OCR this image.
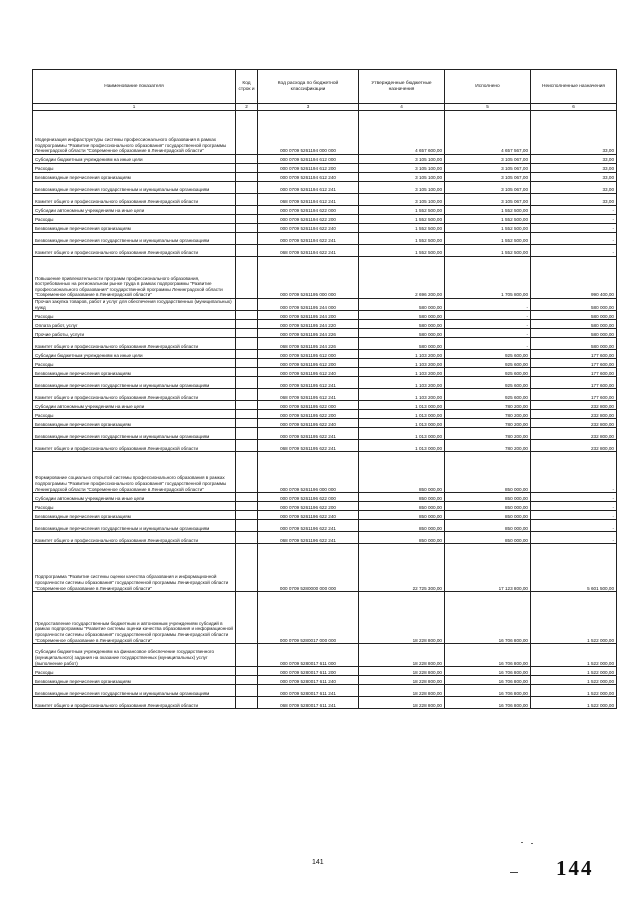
Наименование показателя	Код строк и	Код расхода по бюджетной классификации	Утвержденные бюджетные назначения	Исполнено	Неисполненные назначения
1	2	3	4	5	6
Модернизация инфраструктуры системы профессионального образования в рамках подпрограммы "Развитие профессионального образования" государственной программы Ленинградской области "Современное образование в Ленинградской области"		000 0709 5261194 000 000	4 657 600,00	4 657 567,00	33,00
Субсидии бюджетным учреждениям на иные цели		000 0709 5261194 612 000	3 105 100,00	3 105 067,00	33,00
Расходы		000 0709 5261194 612 200	3 105 100,00	3 105 067,00	33,00
Безвозмездные перечисления организациям		000 0709 5261194 612 240	3 105 100,00	3 105 067,00	33,00
Безвозмездные перечисления государственным и муниципальным организациям		000 0709 5261194 612 241	3 105 100,00	3 105 067,00	33,00
Комитет общего и профессионального образования Ленинградской области		068 0709 5261194 612 241	3 105 100,00	3 105 067,00	33,00
Субсидии автономным учреждениям на иные цели		000 0709 5261194 622 000	1 552 500,00	1 552 500,00	-
Расходы		000 0709 5261194 622 200	1 552 500,00	1 552 500,00	-
Безвозмездные перечисления организациям		000 0709 5261194 622 240	1 552 500,00	1 552 500,00	-
Безвозмездные перечисления государственным и муниципальным организациям		000 0709 5261194 622 241	1 552 500,00	1 552 500,00	-
Комитет общего и профессионального образования Ленинградской области		068 0709 5261194 622 241	1 552 500,00	1 552 500,00	-
Повышение привлекательности программ профессионального образования, востребованных на региональном рынке труда в рамках подпрограммы "Развитие профессионального образования" государственной программы Ленинградской области "Современное образование в Ленинградской области"		000 0709 5261195 000 000	2 696 200,00	1 705 800,00	990 400,00
Прочая закупка товаров, работ и услуг для обеспечения государственных (муниципальных) нужд		000 0709 5261195 244 000	580 000,00	-	580 000,00
Расходы		000 0709 5261195 244 200	580 000,00	-	580 000,00
Оплата работ, услуг		000 0709 5261195 244 220	580 000,00	-	580 000,00
Прочие работы, услуги		000 0709 5261195 244 226	580 000,00	-	580 000,00
Комитет общего и профессионального образования Ленинградской области		068 0709 5261195 244 226	580 000,00	-	580 000,00
Субсидии бюджетным учреждениям на иные цели		000 0709 5261195 612 000	1 103 200,00	925 600,00	177 600,00
Расходы		000 0709 5261195 612 200	1 103 200,00	925 600,00	177 600,00
Безвозмездные перечисления организациям		000 0709 5261195 612 240	1 103 200,00	925 600,00	177 600,00
Безвозмездные перечисления государственным и муниципальным организациям		000 0709 5261195 612 241	1 103 200,00	925 600,00	177 600,00
Комитет общего и профессионального образования Ленинградской области		068 0709 5261195 612 241	1 103 200,00	925 600,00	177 600,00
Субсидии автономным учреждениям на иные цели		000 0709 5261195 622 000	1 013 000,00	780 200,00	232 800,00
Расходы		000 0709 5261195 622 200	1 013 000,00	780 200,00	232 800,00
Безвозмездные перечисления организациям		000 0709 5261195 622 240	1 013 000,00	780 200,00	232 800,00
Безвозмездные перечисления государственным и муниципальным организациям		000 0709 5261195 622 241	1 013 000,00	780 200,00	232 800,00
Комитет общего и профессионального образования Ленинградской области		068 0709 5261195 622 241	1 013 000,00	780 200,00	232 800,00
Формирование социально открытой системы профессионального образования в рамках подпрограммы "Развитие профессионального образования" государственной программы Ленинградской области "Современное образование в Ленинградской области"		000 0709 5261196 000 000	850 000,00	850 000,00	-
Субсидии автономным учреждениям на иные цели		000 0709 5261196 622 000	850 000,00	850 000,00	-
Расходы		000 0709 5261196 622 200	850 000,00	850 000,00	-
Безвозмездные перечисления организациям		000 0709 5261196 622 240	850 000,00	850 000,00	-
Безвозмездные перечисления государственным и муниципальным организациям		000 0709 5261196 622 241	850 000,00	850 000,00	-
Комитет общего и профессионального образования Ленинградской области		068 0709 5261196 622 241	850 000,00	850 000,00	-
Подпрограмма "Развитие системы оценки качества образования и информационной прозрачности системы образования" государственной программы Ленинградской области "Современное образование в Ленинградской области"		000 0709 5280000 000 000	22 725 300,00	17 123 800,00	5 601 500,00
Предоставление государственным бюджетным и автономным учреждениям субсидий в рамках подпрограммы "Развитие системы оценки качества образования и информационной прозрачности системы образования" государственной программы Ленинградской области "Современное образование в Ленинградской области"		000 0709 5280017 000 000	18 228 800,00	16 706 800,00	1 522 000,00
Субсидии бюджетным учреждениям на финансовое обеспечение государственного (муниципального) задания на оказание государственных (муниципальных) услуг (выполнение работ)		000 0709 5280017 611 000	18 228 800,00	16 706 800,00	1 522 000,00
Расходы		000 0709 5280017 611 200	18 228 800,00	16 706 800,00	1 522 000,00
Безвозмездные перечисления организациям		000 0709 5280017 611 240	18 228 800,00	16 706 800,00	1 522 000,00
Безвозмездные перечисления государственным и муниципальным организациям		000 0709 5280017 611 241	18 228 800,00	16 706 800,00	1 522 000,00
Комитет общего и профессионального образования Ленинградской области		068 0709 5280017 611 241	18 228 800,00	16 706 800,00	1 522 000,00
141	144
